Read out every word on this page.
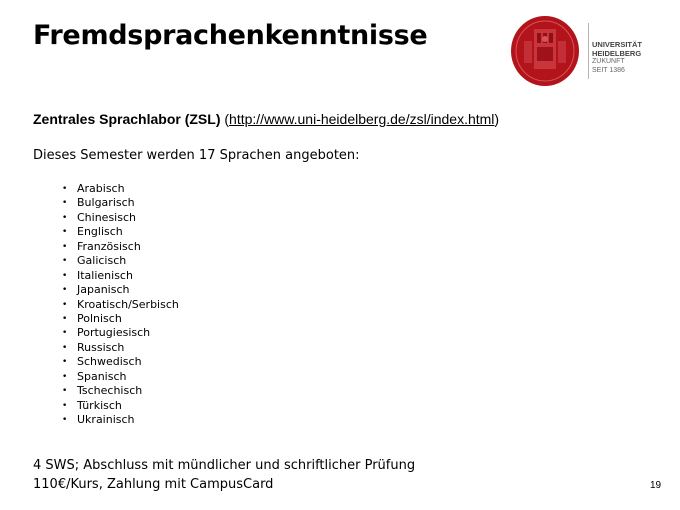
Fremdsprachenkenntnisse	UNIVERSITÄT
HEIDELBERG
ZUKUNFT
SEIT 1386
Zentrales Sprachlabor (ZSL) (http://www.uni-heidelberg.de/zsl/index.html)
Dieses Semester werden 17 Sprachen angeboten:
• Arabisch
• Bulgarisch
• Chinesisch
• Englisch
• Französisch
• Galicisch
• Italienisch
• Japanisch
• Kroatisch/Serbisch
• Polnisch
• Portugiesisch
• Russisch
• Schwedisch
• Spanisch
• Tschechisch
• Türkisch
• Ukrainisch
4 SWS; Abschluss mit mündlicher und schriftlicher Prüfung
110€/Kurs, Zahlung mit CampusCard	19
